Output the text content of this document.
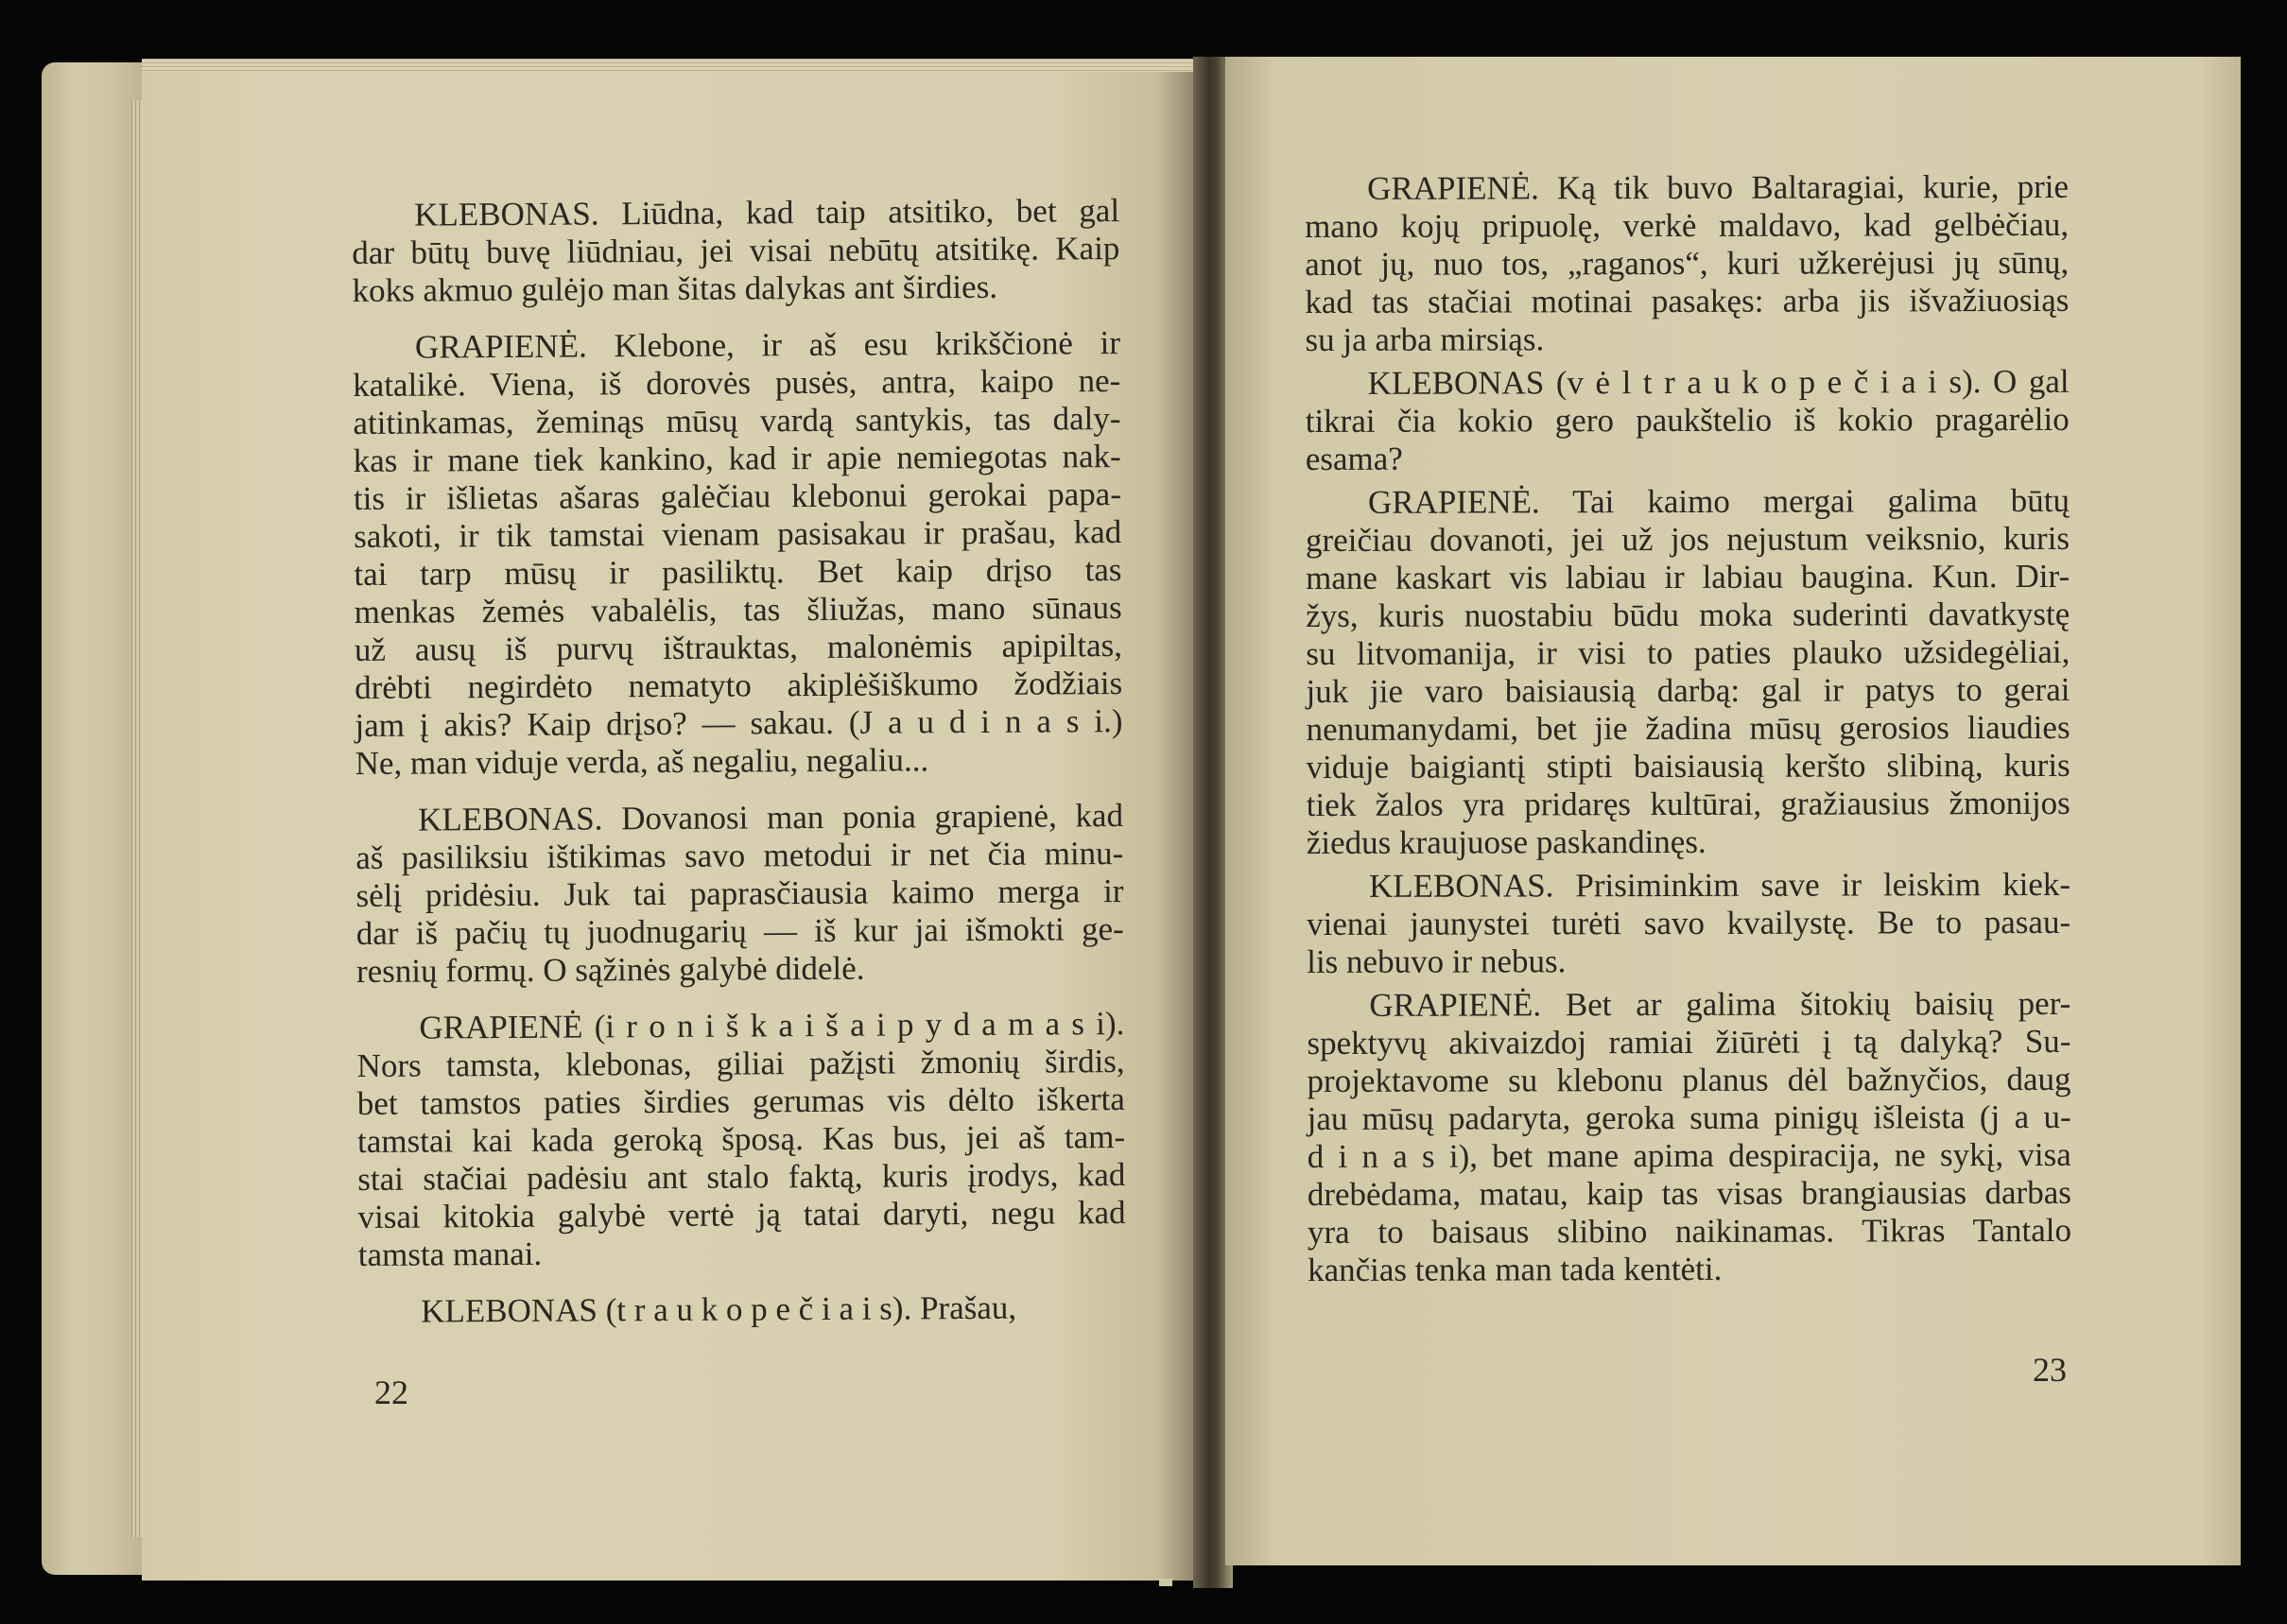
KLEBONAS. Liūdna, kad taip atsitiko, bet gal
dar būtų buvę liūdniau, jei visai nebūtų atsitikę. Kaip
koks akmuo gulėjo man šitas dalykas ant širdies.
GRAPIENĖ. Klebone, ir aš esu krikščionė ir
katalikė. Viena, iš dorovės pusės, antra, kaipo ne-
atitinkamas, žeminąs mūsų vardą santykis, tas daly-
kas ir mane tiek kankino, kad ir apie nemiegotas nak-
tis ir išlietas ašaras galėčiau klebonui gerokai papa-
sakoti, ir tik tamstai vienam pasisakau ir prašau, kad
tai tarp mūsų ir pasiliktų. Bet kaip drįso tas
menkas žemės vabalėlis, tas šliužas, mano sūnaus
už ausų iš purvų ištrauktas, malonėmis apipiltas,
drėbti negirdėto nematyto akiplėšiškumo žodžiais
jam į akis? Kaip drįso? — sakau. (J a u d i n a s i.)
Ne, man viduje verda, aš negaliu, negaliu...
KLEBONAS. Dovanosi man ponia grapienė, kad
aš pasiliksiu ištikimas savo metodui ir net čia minu-
sėlį pridėsiu. Juk tai paprasčiausia kaimo merga ir
dar iš pačių tų juodnugarių — iš kur jai išmokti ge-
resnių formų. O sąžinės galybė didelė.
GRAPIENĖ (i r o n i š k a i š a i p y d a m a s i).
Nors tamsta, klebonas, giliai pažįsti žmonių širdis,
bet tamstos paties širdies gerumas vis dėlto iškerta
tamstai kai kada geroką šposą. Kas bus, jei aš tam-
stai stačiai padėsiu ant stalo faktą, kuris įrodys, kad
visai kitokia galybė vertė ją tatai daryti, negu kad
tamsta manai.
KLEBONAS (t r a u k o p e č i a i s). Prašau,
GRAPIENĖ. Ką tik buvo Baltaragiai, kurie, prie
mano kojų pripuolę, verkė maldavo, kad gelbėčiau,
anot jų, nuo tos, „raganos“, kuri užkerėjusi jų sūnų,
kad tas stačiai motinai pasakęs: arba jis išvažiuosiąs
su ja arba mirsiąs.
KLEBONAS (v ė l t r a u k o p e č i a i s). O gal
tikrai čia kokio gero paukštelio iš kokio pragarėlio
esama?
GRAPIENĖ. Tai kaimo mergai galima būtų
greičiau dovanoti, jei už jos nejustum veiksnio, kuris
mane kaskart vis labiau ir labiau baugina. Kun. Dir-
žys, kuris nuostabiu būdu moka suderinti davatkystę
su litvomanija, ir visi to paties plauko užsidegėliai,
juk jie varo baisiausią darbą: gal ir patys to gerai
nenumanydami, bet jie žadina mūsų gerosios liaudies
viduje baigiantį stipti baisiausią keršto slibiną, kuris
tiek žalos yra pridaręs kultūrai, gražiausius žmonijos
žiedus kraujuose paskandinęs.
KLEBONAS. Prisiminkim save ir leiskim kiek-
vienai jaunystei turėti savo kvailystę. Be to pasau-
lis nebuvo ir nebus.
GRAPIENĖ. Bet ar galima šitokių baisių per-
spektyvų akivaizdoj ramiai žiūrėti į tą dalyką? Su-
projektavome su klebonu planus dėl bažnyčios, daug
jau mūsų padaryta, geroka suma pinigų išleista (j a u-
d i n a s i), bet mane apima despiracija, ne sykį, visa
drebėdama, matau, kaip tas visas brangiausias darbas
yra to baisaus slibino naikinamas. Tikras Tantalo
kančias tenka man tada kentėti.
22
23
